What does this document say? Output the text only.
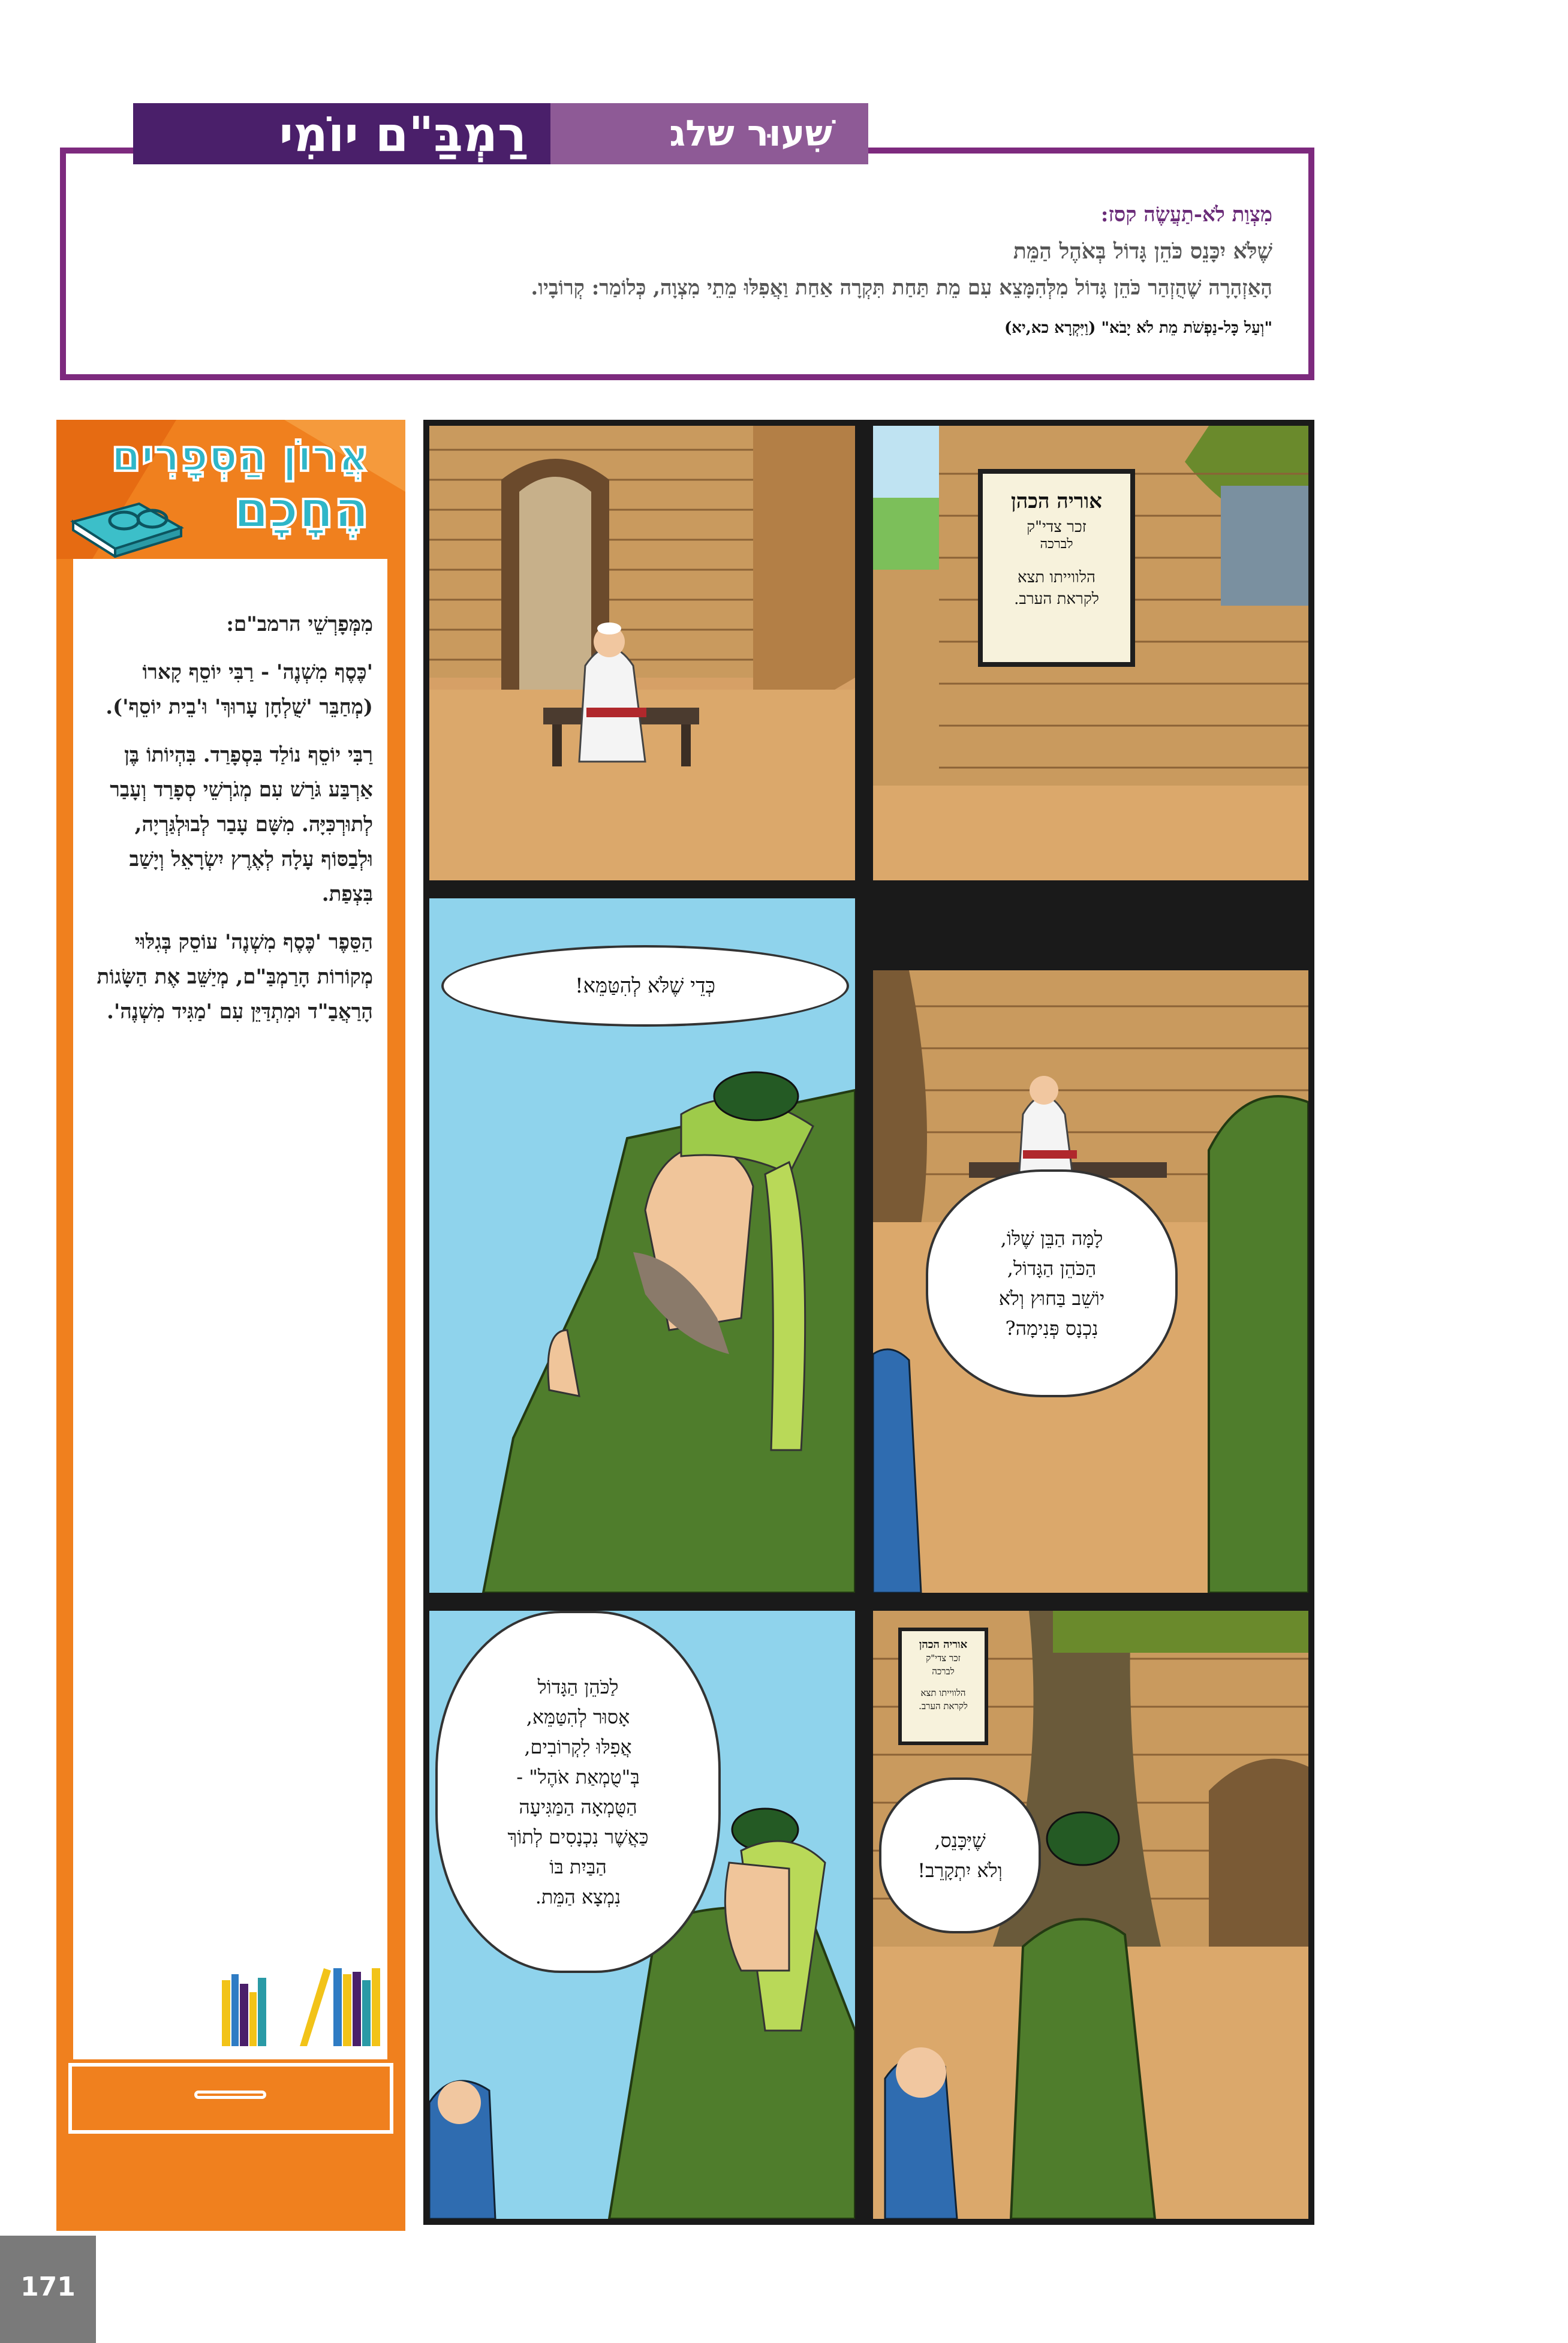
מִצְוַת לֹא-תַעֲשֶׂה קסז:
שֶׁלֹּא יִכָּנֵס כֹּהֵן גָּדוֹל בְּאֹהֶל הַמֵּת
הָאַזְהָרָה שֶׁהֻזְהַר כֹּהֵן גָּדוֹל מִלְּהִמָּצֵא עִם מֵת תַּחַת תִּקְרָה אַחַת וַאֲפִלּוּ מֵתֵי מִצְוָה, כְּלוֹמַר: קְרוֹבָיו.
"וְעַל כָּל-נַפְשֹׁת מֵת לֹא יָבֹא" (וַיִּקְרָא כא,יא)
רַמְבַּ"ם יוֹמִי	שִׁעוּר שלג
אֲרוֹן הַסְּפָרִים
הֶחָכָם

מִמְּפָרְשֵׁי הרמב"ם:

'כֶּסֶף מִשְׁנֶה' - רַבִּי יוֹסֵף קָארוֹ (מְחַבֵּר 'שֻׁלְחָן עָרוּךְ' וּ'בֵית יוֹסֵף').

רַבִּי יוֹסֵף נוֹלַד בִּסְפָרַד. בִּהְיוֹתוֹ בֶּן אַרְבַּע גֹּרַשׁ עִם מְגֹרְשֵׁי סְפָרַד וְעָבַר לְתוּרְכִּיָּה. מִשָּׁם עָבַר לְבוּלְגַּרְיָה, וּלְבַסּוֹף עָלָה לְאֶרֶץ יִשְׂרָאֵל וְיָשַׁב בִּצְפַת.

הַסֵּפֶר 'כֶּסֶף מִשְׁנֶה' עוֹסֵק בְּגִלּוּי מְקוֹרוֹת הָרַמְבַּ"ם, מְיַשֵּׁב אֶת הַשָּׂגוֹת הָרַאֲבַ"ד וּמִתְדַּיֵּן עִם 'מַגִּיד מִשְׁנֶה'.

אוריה הכהן
זכר צדי"ק
לברכה
הלווייתו תצא
לקראת הערב.
כְּדֵי שֶׁלֹּא לְהִטַּמֵּא!
לָמָּה הַבֵּן שֶׁלּוֹ,
הַכֹּהֵן הַגָּדוֹל,
יוֹשֵׁב בַּחוּץ וְלֹא
נִכְנָס פְּנִימָה?
לַכֹּהֵן הַגָּדוֹל
אָסוּר לְהִטַּמֵּא,
אֲפִלּוּ לִקְרוֹבִים,
בְּ"טֻמְאַת אֹהֶל" -
הַטֻּמְאָה הַמַּגִּיעָה
כַּאֲשֶׁר נִכְנָסִים לְתוֹךְ
הַבַּיִת בּוֹ
נִמְצָא הַמֵּת.
אוריה הכהן
זכר צדי"ק
לברכה
הלווייתו תצא
לקראת הערב.
שֶׁיִּכָּנֵס,
וְלֹא יִתְקָרֵב!
171
